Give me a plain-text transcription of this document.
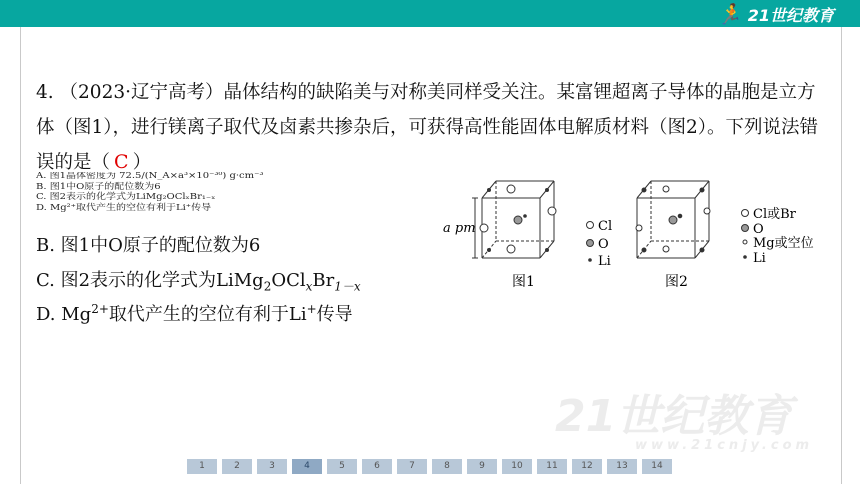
🏃 21世纪教育
4. （2023·辽宁高考）晶体结构的缺陷美与对称美同样受关注。某富锂超离子导体的晶胞是立方体（图1），进行镁离子取代及卤素共掺杂后，可获得高性能固体电解质材料（图2）。下列说法错误的是（ C ）
A. 图1晶体密度为 72.5/(N_A×a³×10⁻³⁰) g·cm⁻³
B. 图1中O原子的配位数为6
C. 图2表示的化学式为LiMg₂OClₓBr₁₋ₓ
D. Mg²⁺取代产生的空位有利于Li⁺传导
B. 图1中O原子的配位数为6
C. 图2表示的化学式为$LiMg_2OCl_xBr_{1-x}$
D. $Mg^{2+}$取代产生的空位有利于Li+传导
a pm	Cl
O
Li
图1
Cl或Br
O
Mg或空位
Li
图2
21世纪教育
www.21cnjy.com
1	2	3	4	5	6	7	8	9	10	11	12	13	14
